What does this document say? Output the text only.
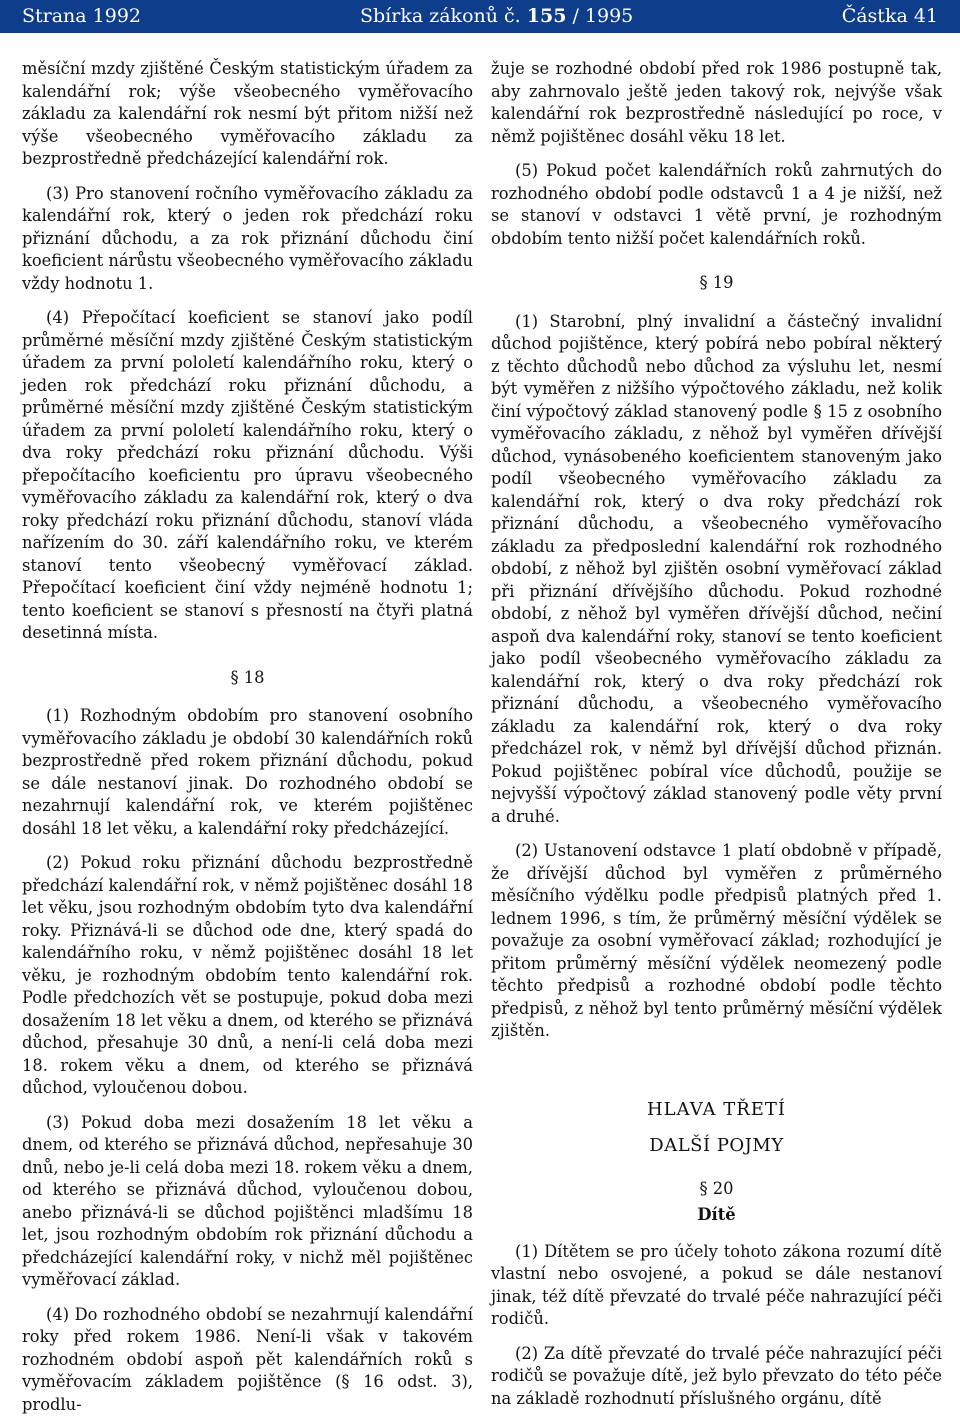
Strana 1992	Sbírka zákonů č. 155 / 1995	Částka 41

měsíční mzdy zjištěné Českým statistickým úřadem za kalendářní rok; výše všeobecného vyměřovacího základu za kalendářní rok nesmí být přitom nižší než výše všeobecného vyměřovacího základu za bezprostředně předcházející kalendářní rok.

(3) Pro stanovení ročního vyměřovacího základu za kalendářní rok, který o jeden rok předchází roku přiznání důchodu, a za rok přiznání důchodu činí koeficient nárůstu všeobecného vyměřovacího základu vždy hodnotu 1.

(4) Přepočítací koeficient se stanoví jako podíl průměrné měsíční mzdy zjištěné Českým statistickým úřadem za první pololetí kalendářního roku, který o jeden rok předchází roku přiznání důchodu, a průměrné měsíční mzdy zjištěné Českým statistickým úřadem za první pololetí kalendářního roku, který o dva roky předchází roku přiznání důchodu. Výši přepočítacího koeficientu pro úpravu všeobecného vyměřovacího základu za kalendářní rok, který o dva roky předchází roku přiznání důchodu, stanoví vláda nařízením do 30. září kalendářního roku, ve kterém stanoví tento všeobecný vyměřovací základ. Přepočítací koeficient činí vždy nejméně hodnotu 1; tento koeficient se stanoví s přesností na čtyři platná desetinná místa.

§ 18

(1) Rozhodným obdobím pro stanovení osobního vyměřovacího základu je období 30 kalendářních roků bezprostředně před rokem přiznání důchodu, pokud se dále nestanoví jinak. Do rozhodného období se nezahrnují kalendářní rok, ve kterém pojištěnec dosáhl 18 let věku, a kalendářní roky předcházející.

(2) Pokud roku přiznání důchodu bezprostředně předchází kalendářní rok, v němž pojištěnec dosáhl 18 let věku, jsou rozhodným obdobím tyto dva kalendářní roky. Přiznává-li se důchod ode dne, který spadá do kalendářního roku, v němž pojištěnec dosáhl 18 let věku, je rozhodným obdobím tento kalendářní rok. Podle předchozích vět se postupuje, pokud doba mezi dosažením 18 let věku a dnem, od kterého se přiznává důchod, přesahuje 30 dnů, a není-li celá doba mezi 18. rokem věku a dnem, od kterého se přiznává důchod, vyloučenou dobou.

(3) Pokud doba mezi dosažením 18 let věku a dnem, od kterého se přiznává důchod, nepřesahuje 30 dnů, nebo je-li celá doba mezi 18. rokem věku a dnem, od kterého se přiznává důchod, vyloučenou dobou, anebo přiznává-li se důchod pojištěnci mladšímu 18 let, jsou rozhodným obdobím rok přiznání důchodu a předcházející kalendářní roky, v nichž měl pojištěnec vyměřovací základ.

(4) Do rozhodného období se nezahrnují kalendářní roky před rokem 1986. Není-li však v takovém rozhodném období aspoň pět kalendářních roků s vyměřovacím základem pojištěnce (§ 16 odst. 3), prodlu-

žuje se rozhodné období před rok 1986 postupně tak, aby zahrnovalo ještě jeden takový rok, nejvýše však kalendářní rok bezprostředně následující po roce, v němž pojištěnec dosáhl věku 18 let.

(5) Pokud počet kalendářních roků zahrnutých do rozhodného období podle odstavců 1 a 4 je nižší, než se stanoví v odstavci 1 větě první, je rozhodným obdobím tento nižší počet kalendářních roků.

§ 19

(1) Starobní, plný invalidní a částečný invalidní důchod pojištěnce, který pobírá nebo pobíral některý z těchto důchodů nebo důchod za výsluhu let, nesmí být vyměřen z nižšího výpočtového základu, než kolik činí výpočtový základ stanovený podle § 15 z osobního vyměřovacího základu, z něhož byl vyměřen dřívější důchod, vynásobeného koeficientem stanoveným jako podíl všeobecného vyměřovacího základu za kalendářní rok, který o dva roky předchází rok přiznání důchodu, a všeobecného vyměřovacího základu za předposlední kalendářní rok rozhodného období, z něhož byl zjištěn osobní vyměřovací základ při přiznání dřívějšího důchodu. Pokud rozhodné období, z něhož byl vyměřen dřívější důchod, nečiní aspoň dva kalendářní roky, stanoví se tento koeficient jako podíl všeobecného vyměřovacího základu za kalendářní rok, který o dva roky předchází rok přiznání důchodu, a všeobecného vyměřovacího základu za kalendářní rok, který o dva roky předcházel rok, v němž byl dřívější důchod přiznán. Pokud pojištěnec pobíral více důchodů, použije se nejvyšší výpočtový základ stanovený podle věty první a druhé.

(2) Ustanovení odstavce 1 platí obdobně v případě, že dřívější důchod byl vyměřen z průměrného měsíčního výdělku podle předpisů platných před 1. lednem 1996, s tím, že průměrný měsíční výdělek se považuje za osobní vyměřovací základ; rozhodující je přitom průměrný měsíční výdělek neomezený podle těchto předpisů a rozhodné období podle těchto předpisů, z něhož byl tento průměrný měsíční výdělek zjištěn.

HLAVA TŘETÍ
DALŠÍ POJMY
§ 20
Dítě

(1) Dítětem se pro účely tohoto zákona rozumí dítě vlastní nebo osvojené, a pokud se dále nestanoví jinak, též dítě převzaté do trvalé péče nahrazující péči rodičů.

(2) Za dítě převzaté do trvalé péče nahrazující péči rodičů se považuje dítě, jež bylo převzato do této péče na základě rozhodnutí příslušného orgánu, dítě
